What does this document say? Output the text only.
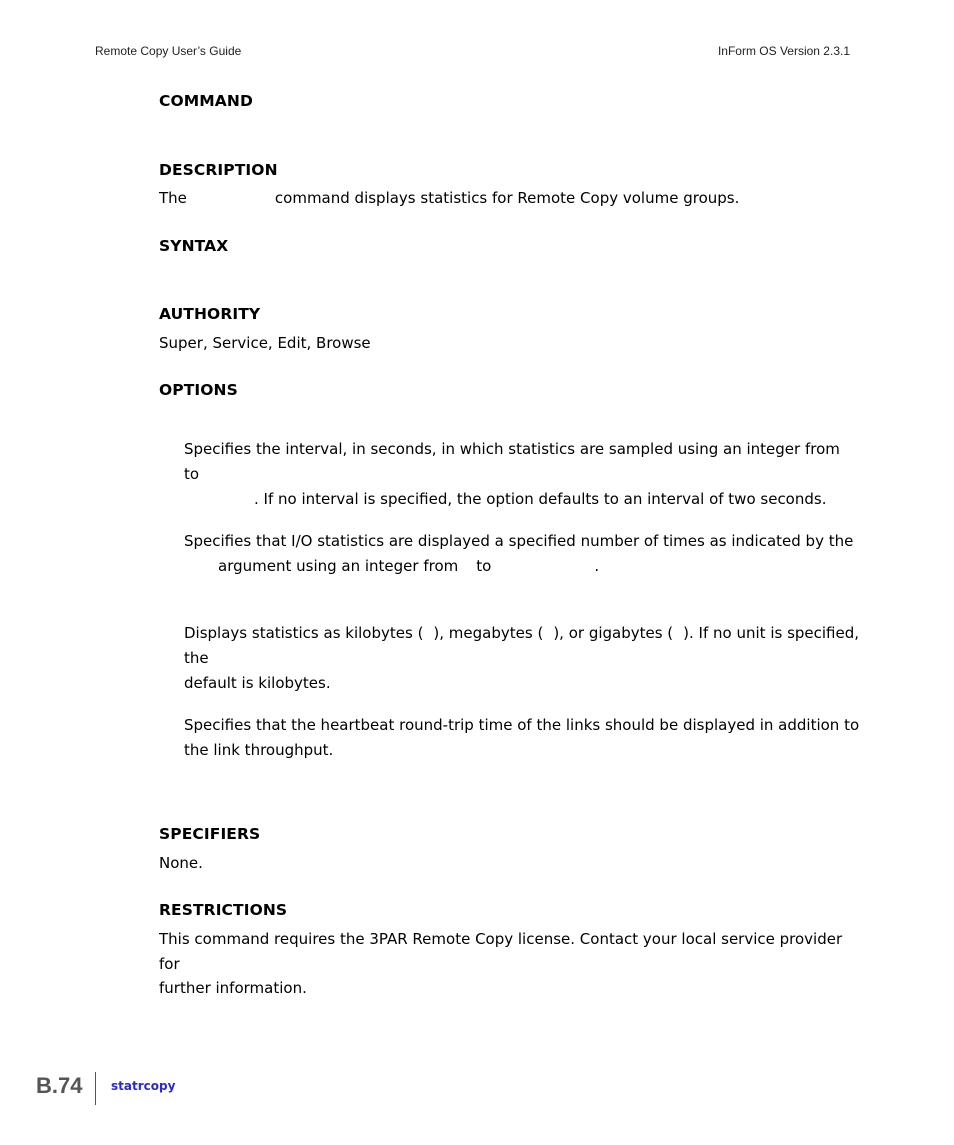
Remote Copy User’s Guide	InForm OS Version 2.3.1
COMMAND
DESCRIPTION
The	command displays statistics for Remote Copy volume groups.
SYNTAX
AUTHORITY
Super, Service, Edit, Browse
OPTIONS
Specifies the interval, in seconds, in which statistics are sampled using an integer fromto
. If no interval is specified, the option defaults to an interval of two seconds.
Specifies that I/O statistics are displayed a specified number of times as indicated by the
argument using an integer from to	.
Displays statistics as kilobytes ( ), megabytes ( ), or gigabytes ( ). If no unit is specified, the
default is kilobytes.
Specifies that the heartbeat round-trip time of the links should be displayed in addition to
the link throughput.
SPECIFIERS
None.
RESTRICTIONS
This command requires the 3PAR Remote Copy license. Contact your local service provider for
further information.
B.74 statrcopy
